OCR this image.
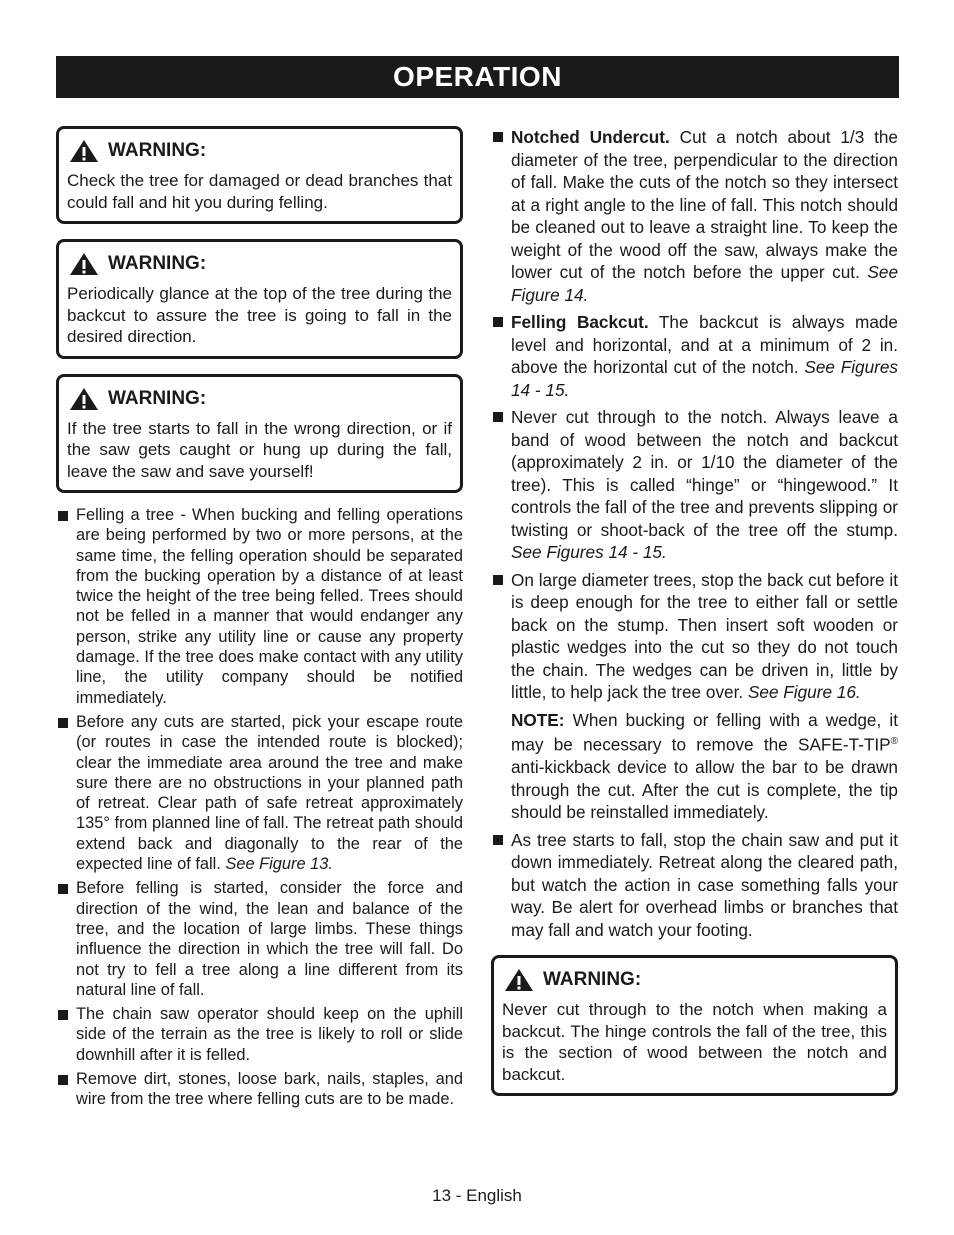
OPERATION
WARNING:
Check the tree for damaged or dead branches that could fall and hit you during felling.
WARNING:
Periodically glance at the top of the tree during the backcut to assure the tree is going to fall in the desired direction.
WARNING:
If the tree starts to fall in the wrong direction, or if the saw gets caught or hung up during the fall, leave the saw and save yourself!
Felling a tree - When bucking and felling operations are being performed by two or more persons, at the same time, the felling operation should be separated from the bucking operation by a distance of at least twice the height of the tree being felled. Trees should not be felled in a manner that would endanger any person, strike any utility line or cause any property damage. If the tree does make contact with any utility line, the utility company should be notified immediately.
Before any cuts are started, pick your escape route (or routes in case the intended route is blocked); clear the immediate area around the tree and make sure there are no obstructions in your planned path of retreat. Clear path of safe retreat approximately 135° from planned line of fall. The retreat path should extend back and diagonally to the rear of the expected line of fall. See Figure 13.
Before felling is started, consider the force and direction of the wind, the lean and balance of the tree, and the location of large limbs. These things influence the direction in which the tree will fall. Do not try to fell a tree along a line different from its natural line of fall.
The chain saw operator should keep on the uphill side of the terrain as the tree is likely to roll or slide downhill after it is felled.
Remove dirt, stones, loose bark, nails, staples, and wire from the tree where felling cuts are to be made.
Notched Undercut. Cut a notch about 1/3 the diameter of the tree, perpendicular to the direction of fall. Make the cuts of the notch so they intersect at a right angle to the line of fall. This notch should be cleaned out to leave a straight line. To keep the weight of the wood off the saw, always make the lower cut of the notch before the upper cut. See Figure 14.
Felling Backcut. The backcut is always made level and horizontal, and at a minimum of 2 in. above the horizontal cut of the notch. See Figures 14 - 15.
Never cut through to the notch. Always leave a band of wood between the notch and backcut (approximately 2 in. or 1/10 the diameter of the tree). This is called “hinge” or “hingewood.” It controls the fall of the tree and prevents slipping or twisting or shoot-back of the tree off the stump. See Figures 14 - 15.
On large diameter trees, stop the back cut before it is deep enough for the tree to either fall or settle back on the stump. Then insert soft wooden or plastic wedges into the cut so they do not touch the chain. The wedges can be driven in, little by little, to help jack the tree over. See Figure 16.
NOTE: When bucking or felling with a wedge, it may be necessary to remove the SAFE-T-TIP® anti-kickback device to allow the bar to be drawn through the cut. After the cut is complete, the tip should be reinstalled immediately.
As tree starts to fall, stop the chain saw and put it down immediately. Retreat along the cleared path, but watch the action in case something falls your way. Be alert for overhead limbs or branches that may fall and watch your footing.
WARNING:
Never cut through to the notch when making a backcut. The hinge controls the fall of the tree, this is the section of wood between the notch and backcut.
13 - English
